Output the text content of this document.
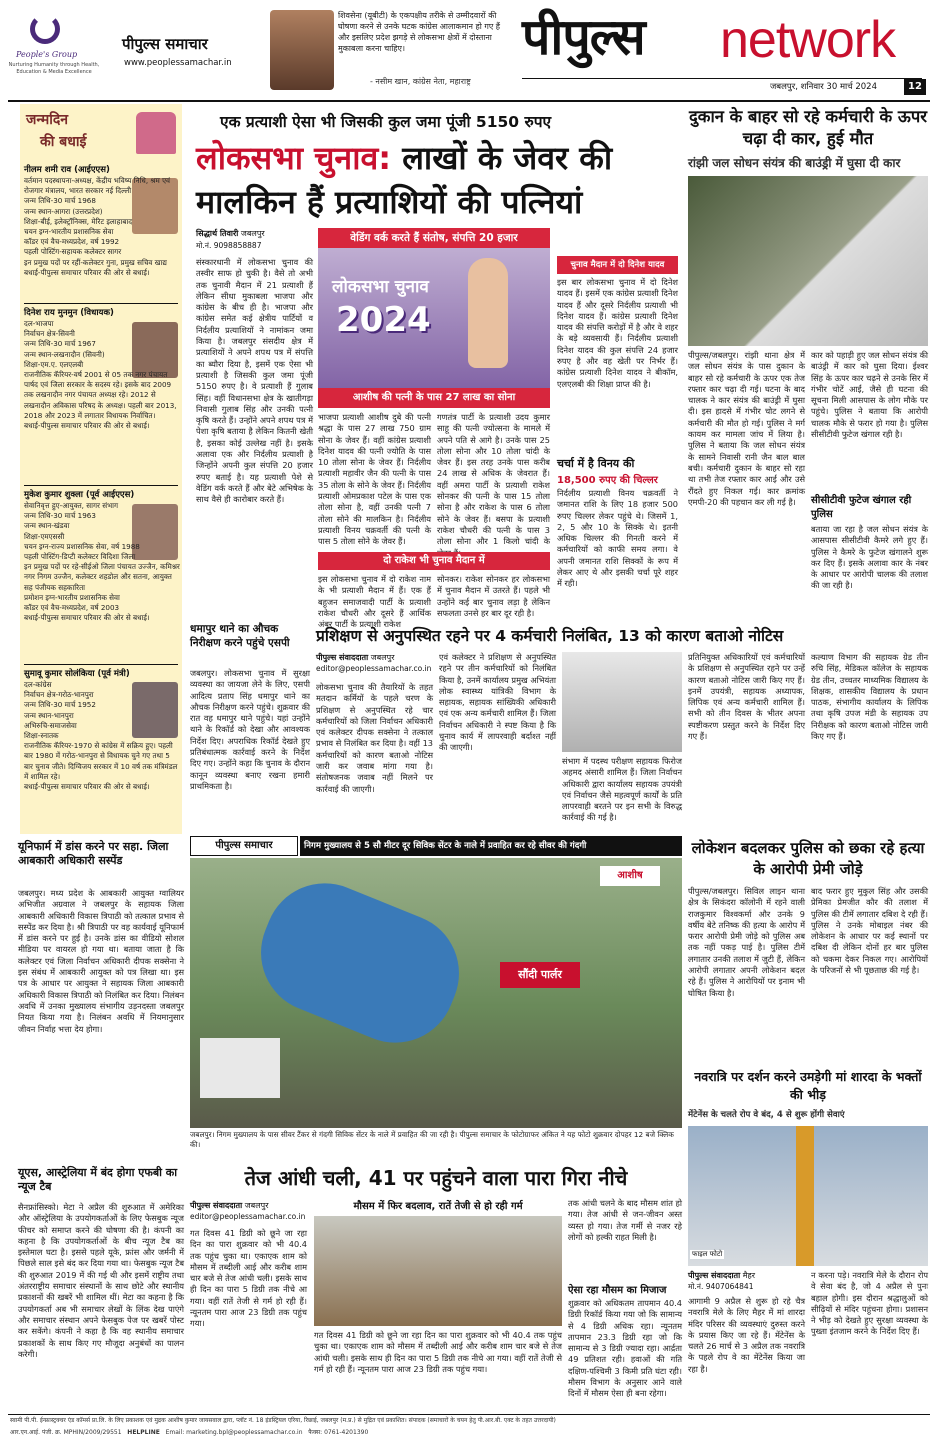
People's Group
Nurturing Humanity through Health, Education & Media Excellence
पीपुल्स समाचार
www.peoplessamachar.in
शिवसेना (यूबीटी) के एकपक्षीय तरीके से उम्मीदवारों की घोषणा करने से उनके घटक कांग्रेस आलाकमान हो गए हैं और इसलिए प्रदेश झगड़े से लोकसभा क्षेत्रों में दोस्ताना मुकाबला करना चाहिए।
- नसीम खान, कांग्रेस नेता, महाराष्ट्र
पीपुल्स network
जबलपुर, शनिवार 30 मार्च 2024	12
जन्मदिन
की बधाई
नीलम शमी राव (आईएएस)
वर्तमान पदस्थापना-अध्यक्ष, केंद्रीय भविष्य निधि, श्रम एवं रोजगार मंत्रालय, भारत सरकार नई दिल्ली
जन्म तिथि-30 मार्च 1968
जन्म स्थान-आगरा (उत्तरप्रदेश)
शिक्षा-बीई, इलेक्ट्रॉनिक्स, मेरिट इलाहाबाद
चयन इग्न-भारतीय प्रशासनिक सेवा
कॉडर एवं वैच-मध्यप्रदेश, वर्ष 1992
पहली पोस्टिंग-सहायक कलेक्टर सागर
इन प्रमुख पदों पर रहीं-कलेक्टर गुना, प्रमुख सचिव खाद्य
बधाई-पीपुल्स समाचार परिवार की ओर से बधाई।
दिनेश राय मुनमुन (विधायक)
दल-भाजपा
निर्वाचन क्षेत्र-सिवनी
जन्म तिथि-30 मार्च 1967
जन्म स्थान-लखनादौन (सिवनी)
शिक्षा-एम.ए. एलएलबी
राजनीतिक कॅरियर-वर्ष 2001 से 05 तक नगर पंचायत पार्षद एवं जिला सरकार के सदस्य रहे। इसके बाद 2009 तक लखनादौन नगर पंचायत अध्यक्ष रहे। 2012 से लखनादौन अविकास परिषद के अध्यक्ष। पहली बार 2013, 2018 और 2023 में लगातार विधायक निर्वाचित।
बधाई-पीपुल्स समाचार परिवार की ओर से बधाई।
मुकेश कुमार शुक्ला (पूर्व आईएएस)
सेवानिवृत्त हुए-आयुक्त, सागर संभाग
जन्म तिथि-30 मार्च 1963
जन्म स्थान-खंडवा
शिक्षा-एमएससी
चयन इग्न-राज्य प्रशासनिक सेवा, वर्ष 1988
पहली पोस्टिंग-डिप्टी कलेक्टर विदिशा जिला
इन प्रमुख पदों पर रहे-सीईओ जिला पंचायत उज्जैन, कमिश्नर नगर निगम उज्जैन, कलेक्टर शहडोल और सतना, आयुक्त सह पंजीयक सहकारिता
प्रमोशन इग्न-भारतीय प्रशासनिक सेवा
कॉडर एवं वैच-मध्यप्रदेश, वर्ष 2003
बधाई-पीपुल्स समाचार परिवार की ओर से बधाई।
सुमावू कुमार सोलंकिया (पूर्व मंत्री)
दल-कांग्रेस
निर्वाचन क्षेत्र-गरोठ-भानपुरा
जन्म तिथि-30 मार्च 1952
जन्म स्थान-भानपुरा
अभिरुचि-समाजसेवा
शिक्षा-स्नातक
राजनीतिक कॅरियर-1970 से कांग्रेस में सक्रिय हुए। पहली बार 1980 में गरोठ-भानपुरा से विधायक चुने गए तथा 5 बार चुनाव जीते। दिग्विजय सरकार में 10 वर्ष तक मंत्रिमंडल में शामिल रहे।
बधाई-पीपुल्स समाचार परिवार की ओर से बधाई।
एक प्रत्याशी ऐसा भी जिसकी कुल जमा पूंजी 5150 रुपए
लोकसभा चुनाव: लाखों के जेवर की
मालकिन हैं प्रत्याशियों की पत्नियां
सिद्धार्थ तिवारी जबलपुर
मो.नं. 9098858887
संस्कारधानी में लोकसभा चुनाव की तस्वीर साफ हो चुकी है। वैसे तो अभी तक चुनावी मैदान में 21 प्रत्याशी हैं लेकिन सीधा मुकाबला भाजपा और कांग्रेस के बीच ही है। भाजपा और कांग्रेस समेत कई क्षेत्रीय पार्टियों व निर्दलीय प्रत्याशियों ने नामांकन जमा किया है। जबलपुर संसदीय क्षेत्र में प्रत्याशियों ने अपने शपथ पत्र में संपत्ति का ब्यौरा दिया है, इसमें एक ऐसा भी प्रत्याशी है जिसकी कुल जमा पूंजी 5150 रुपए है। वे प्रत्याशी हैं गुलाब सिंह। वहीं विधानसभा क्षेत्र के खातीगड़ा निवासी गुलाब सिंह और उनकी पत्नी कृषि करते हैं। उन्होंने अपने शपथ पत्र में पेशा कृषि बताया है लेकिन कितनी खेती है, इसका कोई उल्लेख नहीं है। इसके अलावा एक और निर्दलीय प्रत्याशी है जिन्होंने अपनी कुल संपत्ति 20 हजार रुपए बताई है। यह प्रत्याशी पेशे से वेडिंग वर्क करते हैं और बेटे अभिषेक के साथ वैसे ही कारोबार करते हैं।
वेडिंग वर्क करते हैं संतोष, संपत्ति 20 हजार
लोकसभा चुनाव
2024
आशीष की पत्नी के पास 27 लाख का सोना
भाजपा प्रत्याशी आशीष दुबे की पत्नी श्रद्धा के पास 27 लाख 750 ग्राम सोना के जेवर हैं। वहीं कांग्रेस प्रत्याशी दिनेश यादव की पत्नी ज्योति के पास 10 तोला सोना के जेवर हैं। निर्दलीय प्रत्याशी महावीर जैन की पत्नी के पास 35 तोला के सोने के जेवर हैं। निर्दलीय प्रत्याशी ओमप्रकाश पटेल के पास एक तोला सोना है, वहीं उनकी पत्नी 7 तोला सोने की मालकिन है। निर्दलीय प्रत्याशी विनय चक्रवर्ती की पत्नी के पास 5 तोला सोने के जेवर हैं।
गणतंत्र पार्टी के प्रत्याशी उदय कुमार साहू की पत्नी ज्योत्सना के मामले में अपने पति से आगे है। उनके पास 25 तोला सोना और 10 तोला चांदी के जेवर हैं। इस तरह उनके पास करीब 24 लाख से अधिक के जेवरात हैं। वहीं अमरा पार्टी के प्रत्याशी राकेश सोनकर की पत्नी के पास 15 तोला सोना है और राकेश के पास 6 तोला सोने के जेवर हैं। बसपा के प्रत्याशी राकेश चौधरी की पत्नी के पास 3 तोला सोना और 1 किलो चांदी के
दो राकेश भी चुनाव मैदान में
इस लोकसभा चुनाव में दो राकेश नाम के भी प्रत्याशी मैदान में हैं। एक हैं बहुजन समाजवादी पार्टी के प्रत्याशी राकेश चौधरी और दूसरे हैं आर्थिक अंबर पार्टी के प्रत्याशी राकेश
सोनकर। राकेश सोनकर हर लोकसभा में चुनाव मैदान में उतरते हैं। पहले भी उन्होंने कई बार चुनाव लड़ा है लेकिन सफलता उनसे हर बार दूर रही है।
चुनाव मैदान में दो दिनेश यादव
इस बार लोकसभा चुनाव में दो दिनेश यादव हैं। इसमें एक कांग्रेस प्रत्याशी दिनेश यादव हैं और दूसरे निर्दलीय प्रत्याशी भी दिनेश यादव हैं। कांग्रेस प्रत्याशी दिनेश यादव की संपत्ति करोड़ों में है और वे शहर के बड़े व्यवसायी हैं। निर्दलीय प्रत्याशी दिनेश यादव की कुल संपत्ति 24 हजार रुपए है और वह खेती पर निर्भर हैं। कांग्रेस प्रत्याशी दिनेश यादव ने बीकॉम, एलएलबी की शिक्षा प्राप्त की है।
चर्चा में है विनय की
18,500 रुपए की चिल्लर
निर्दलीय प्रत्याशी विनय चक्रवर्ती ने जमानत राशि के लिए 18 हजार 500 रुपए चिल्लर लेकर पहुंचे थे। जिसमें 1, 2, 5 और 10 के सिक्के थे। इतनी अधिक चिल्लर की गिनती करने में कर्मचारियों को काफी समय लगा। वे अपनी जमानत राशि सिक्कों के रूप में लेकर आए थे और इसकी चर्चा पूरे शहर में रही।
दुकान के बाहर सो रहे कर्मचारी के ऊपर चढ़ा दी कार, हुई मौत
रांझी जल सोधन संयंत्र की बाउंड्री में घुसा दी कार
पीपुल्स/जबलपुर। रांझी थाना क्षेत्र में जल सोधन संयंत्र के पास दुकान के बाहर सो रहे कर्मचारी के ऊपर एक तेज रफ्तार कार चढ़ा दी गई। घटना के बाद चालक ने कार संयंत्र की बाउंड्री में घुसा दी। इस हादसे में गंभीर चोट लगने से कर्मचारी की मौत हो गई। पुलिस ने मर्ग कायम कर मामला जांच में लिया है। पुलिस ने बताया कि जल सोधन संयंत्र के सामने निवासी रानी जैन बाल बाल बची। कर्मचारी दुकान के बाहर सो रहा था तभी तेज रफ्तार कार आई और उसे रौंदते हुए निकल गई। कार क्रमांक एमपी-20 की पहचान कर ली गई है।
कार को पहाड़ी हुए जल सोधन संयंत्र की बाउंड्री में कार को घुसा दिया। ईश्वर सिंह के ऊपर कार चढ़ने से उनके सिर में गंभीर चोटें आईं, जैसे ही घटना की सूचना मिली आसपास के लोग मौके पर पहुंचे। पुलिस ने बताया कि आरोपी चालक मौके से फरार हो गया है। पुलिस सीसीटीवी फुटेज खंगाल रही है।
सीसीटीवी फुटेज खंगाल रही पुलिस
बताया जा रहा है जल सोधन संयंत्र के आसपास सीसीटीवी कैमरे लगे हुए हैं। पुलिस ने कैमरे के फुटेज खंगालने शुरू कर दिए हैं। इसके अलावा कार के नंबर के आधार पर आरोपी चालक की तलाश की जा रही है।
धमापुर थाने का औचक निरीक्षण करने पहुंचे एसपी
जबलपुर। लोकसभा चुनाव में सुरक्षा व्यवस्था का जायजा लेने के लिए, एसपी आदित्य प्रताप सिंह धमापुर थाने का औचक निरीक्षण करने पहुंचे। शुक्रवार की रात वह धमापुर थाने पहुंचे। यहां उन्होंने थाने के रिकॉर्ड को देखा और आवश्यक निर्देश दिए। अपराधिक रिकॉर्ड देखते हुए प्रतिबंधात्मक कार्रवाई करने के निर्देश दिए गए। उन्होंने कहा कि चुनाव के दौरान कानून व्यवस्था बनाए रखना हमारी प्राथमिकता है।
प्रशिक्षण से अनुपस्थित रहने पर 4 कर्मचारी निलंबित, 13 को कारण बताओ नोटिस
पीपुल्स संवाददाता जबलपुर
editor@peoplessamachar.co.in
लोकसभा चुनाव की तैयारियों के तहत मतदान कर्मियों के पहले चरण के प्रशिक्षण से अनुपस्थित रहे चार कर्मचारियों को जिला निर्वाचन अधिकारी एवं कलेक्टर दीपक सक्सेना ने तत्काल प्रभाव से निलंबित कर दिया है। वहीं 13 कर्मचारियों को कारण बताओ नोटिस जारी कर जवाब मांगा गया है। संतोषजनक जवाब नहीं मिलने पर कार्रवाई की जाएगी।
एवं कलेक्टर ने प्रशिक्षण से अनुपस्थित रहने पर तीन कर्मचारियों को निलंबित किया है, उनमें कार्यालय प्रमुख अभियंता लोक स्वास्थ्य यांत्रिकी विभाग के सहायक, सहायक सांख्यिकी अधिकारी एवं एक अन्य कर्मचारी शामिल हैं। जिला निर्वाचन अधिकारी ने स्पष्ट किया है कि चुनाव कार्य में लापरवाही बर्दाश्त नहीं की जाएगी।
संभाग में पदस्थ परीक्षण सहायक फिरोज अहमद अंसारी शामिल हैं। जिला निर्वाचन अधिकारी द्वारा कार्यालय सहायक उपयंत्री एवं निर्वाचन जैसे महत्वपूर्ण कार्यों के प्रति लापरवाही बरतने पर इन सभी के विरुद्ध कार्रवाई की गई है।
प्रतिनियुक्त अधिकारियों एवं कर्मचारियों के प्रशिक्षण से अनुपस्थित रहने पर उन्हें कारण बताओ नोटिस जारी किए गए हैं। इनमें उपयंत्री, सहायक अध्यापक, लिपिक एवं अन्य कर्मचारी शामिल हैं। सभी को तीन दिवस के भीतर अपना स्पष्टीकरण प्रस्तुत करने के निर्देश दिए गए हैं।
कल्याण विभाग की सहायक ग्रेड तीन रुचि सिंह, मेडिकल कॉलेज के सहायक ग्रेड तीन, उच्चतर माध्यमिक विद्यालय के शिक्षक, शासकीय विद्यालय के प्रधान पाठक, संभागीय कार्यालय के लिपिक तथा कृषि उपज मंडी के सहायक उप निरीक्षक को कारण बताओ नोटिस जारी किए गए हैं।
पीपुल्स समाचार	निगम मुख्यालय से 5 सौ मीटर दूर सिविक सेंटर के नाले में प्रवाहित कर रहे सीवर की गंदगी
सौंदी पार्लर
आशीष
जबलपुर। निगम मुख्यालय के पास सीवर टैंकर से गंदगी सिविक सेंटर के नाले में प्रवाहित की जा रही है। पीपुल्स समाचार के फोटोग्राफर अंकित ने यह फोटो शुक्रवार दोपहर 12 बजे क्लिक की।
यूनिफार्म में डांस करने पर सहा. जिला आबकारी अधिकारी सस्पेंड
जबलपुर। मध्य प्रदेश के आबकारी आयुक्त ग्वालियर अभिजीत अग्रवाल ने जबलपुर के सहायक जिला आबकारी अधिकारी विकास त्रिपाठी को तत्काल प्रभाव से सस्पेंड कर दिया है। श्री त्रिपाठी पर वह कार्यवाई यूनिफार्म में डांस करने पर हुई है। उनके डांस का वीडियो सोशल मीडिया पर वायरल हो गया था। बताया जाता है कि कलेक्टर एवं जिला निर्वाचन अधिकारी दीपक सक्सेना ने इस संबंध में आबकारी आयुक्त को पत्र लिखा था। इस पत्र के आधार पर आयुक्त ने सहायक जिला आबकारी अधिकारी विकास त्रिपाठी को निलंबित कर दिया। निलंबन अवधि में उनका मुख्यालय संभागीय उड़नदस्ता जबलपुर नियत किया गया है। निलंबन अवधि में नियमानुसार जीवन निर्वाह भत्ता देय होगा।
यूएस, आस्ट्रेलिया में बंद होगा एफबी का न्यूज टैब
सैनफ्रांसिस्को। मेटा ने अप्रैल की शुरुआत में अमेरिका और ऑस्ट्रेलिया के उपयोगकर्ताओं के लिए फेसबुक न्यूज फीचर को समाप्त करने की घोषणा की है। कंपनी का कहना है कि उपयोगकर्ताओं के बीच न्यूज टैब का इस्तेमाल घटा है। इससे पहले यूके, फ्रांस और जर्मनी में पिछले साल इसे बंद कर दिया गया था। फेसबुक न्यूज टैब की शुरुआत 2019 में की गई थी और इसमें राष्ट्रीय तथा अंतरराष्ट्रीय समाचार संस्थानों के साथ छोटे और स्थानीय प्रकाशनों की खबरें भी शामिल थीं। मेटा का कहना है कि उपयोगकर्ता अब भी समाचार लेखों के लिंक देख पाएंगे और समाचार संस्थान अपने फेसबुक पेज पर खबरें पोस्ट कर सकेंगे। कंपनी ने कहा है कि वह स्थानीय समाचार प्रकाशकों के साथ किए गए मौजूदा अनुबंधों का पालन करेगी।
लोकेशन बदलकर पुलिस को छका रहे हत्या के आरोपी प्रेमी जोड़े
पीपुल्स/जबलपुर। सिविल लाइन थाना क्षेत्र के सिकंदरा कॉलोनी में रहने वाली राजकुमार विश्वकर्मा और उनके 9 वर्षीय बेटे तनिष्क की हत्या के आरोप में फरार आरोपी प्रेमी जोड़े को पुलिस अब तक नहीं पकड़ पाई है। पुलिस टीमें लगातार उनकी तलाश में जुटी हैं, लेकिन आरोपी लगातार अपनी लोकेशन बदल रहे हैं। पुलिस ने आरोपियों पर इनाम भी घोषित किया है।
बाद फरार हुए मुकुल सिंह और उसकी प्रेमिका प्रेमजीत कौर की तलाश में पुलिस की टीमें लगातार दबिश दे रही हैं। पुलिस ने उनके मोबाइल नंबर की लोकेशन के आधार पर कई स्थानों पर दबिश दी लेकिन दोनों हर बार पुलिस को चकमा देकर निकल गए। आरोपियों के परिजनों से भी पूछताछ की गई है।
नवरात्रि पर दर्शन करने उमड़ेगी मां शारदा के भक्तों की भीड़
मेंटेनेंस के चलते रोप वे बंद, 4 से शुरू होंगी सेवाएं
फाइल फोटो
पीपुल्स संवाददाता मैहर
मो.नं. 9407064841
आगामी 9 अप्रैल से शुरू हो रहे चैत्र नवरात्रि मेले के लिए मैहर में मां शारदा मंदिर परिसर की व्यवस्थाएं दुरुस्त करने के प्रयास किए जा रहे हैं। मेंटेनेंस के चलते 26 मार्च से 3 अप्रैल तक नवरात्रि के पहले रोप वे का मेंटेनेंस किया जा रहा है।
न करना पड़े। नवरात्रि मेले के दौरान रोप वे सेवा बंद है, जो 4 अप्रैल से पुनः बहाल होगी। इस दौरान श्रद्धालुओं को सीढ़ियों से मंदिर पहुंचना होगा। प्रशासन ने भीड़ को देखते हुए सुरक्षा व्यवस्था के पुख्ता इंतजाम करने के निर्देश दिए हैं।
तेज आंधी चली, 41 पर पहुंचने वाला पारा गिरा नीचे
पीपुल्स संवाददाता जबलपुर
editor@peoplessamachar.co.in
मौसम में फिर बदलाव, रातें तेजी से हो रही गर्म
गत दिवस 41 डिग्री को छूने जा रहा दिन का पारा शुक्रवार को भी 40.4 तक पहुंच चुका था। एकाएक शाम को मौसम में तब्दीली आई और करीब शाम चार बजे से तेज आंधी चली। इसके साथ ही दिन का पारा 5 डिग्री तक नीचे आ गया। वहीं रातें तेजी से गर्म हो रही हैं। न्यूनतम पारा आज 23 डिग्री तक पहुंच गया।
तक आंधी चलने के बाद मौसम शांत हो गया। तेज आंधी से जन-जीवन अस्त व्यस्त हो गया। तेज गर्मी से नजर रहे लोगों को हल्की राहत मिली है।
ऐसा रहा मौसम का मिजाज
शुक्रवार को अधिकतम तापमान 40.4 डिग्री रिकॉर्ड किया गया जो कि सामान्य से 4 डिग्री अधिक रहा। न्यूनतम तापमान 23.3 डिग्री रहा जो कि सामान्य से 3 डिग्री ज्यादा रहा। आर्द्रता 49 प्रतिशत रही। हवाओं की गति दक्षिण-पश्चिमी 3 किमी प्रति घंटा रही। मौसम विभाग के अनुसार आने वाले दिनों में मौसम ऐसा ही बना रहेगा।
गत दिवस 41 डिग्री को छूने जा रहा दिन का पारा शुक्रवार को भी 40.4 तक पहुंच चुका था। एकाएक शाम को मौसम में तब्दीली आई और करीब शाम चार बजे से तेज आंधी चली। इसके साथ ही दिन का पारा 5 डिग्री तक नीचे आ गया। वहीं रातें तेजी से गर्म हो रही हैं। न्यूनतम पारा आज 23 डिग्री तक पहुंच गया।
स्वामी पी.पी. ईन्फ्रास्ट्रक्चर एंड कॉमर्स प्रा.लि. के लिए प्रकाशक एवं मुद्रक आशीष कुमार जायसवाल द्वारा, प्लॉट नं. 18 इंडस्ट्रियल एरिया, रिछाई, जबलपुर (म.प्र.) से मुद्रित एवं प्रकाशित। संपादक (समाचारों के चयन हेतु पी.आर.बी. एक्ट के तहत उत्तरदायी)
आर.एन.आई. पंजी. क्र. MPHIN/2009/29551 HELPLINE Email: marketing.bpl@peoplessamachar.co.in फैक्स: 0761-4201390
